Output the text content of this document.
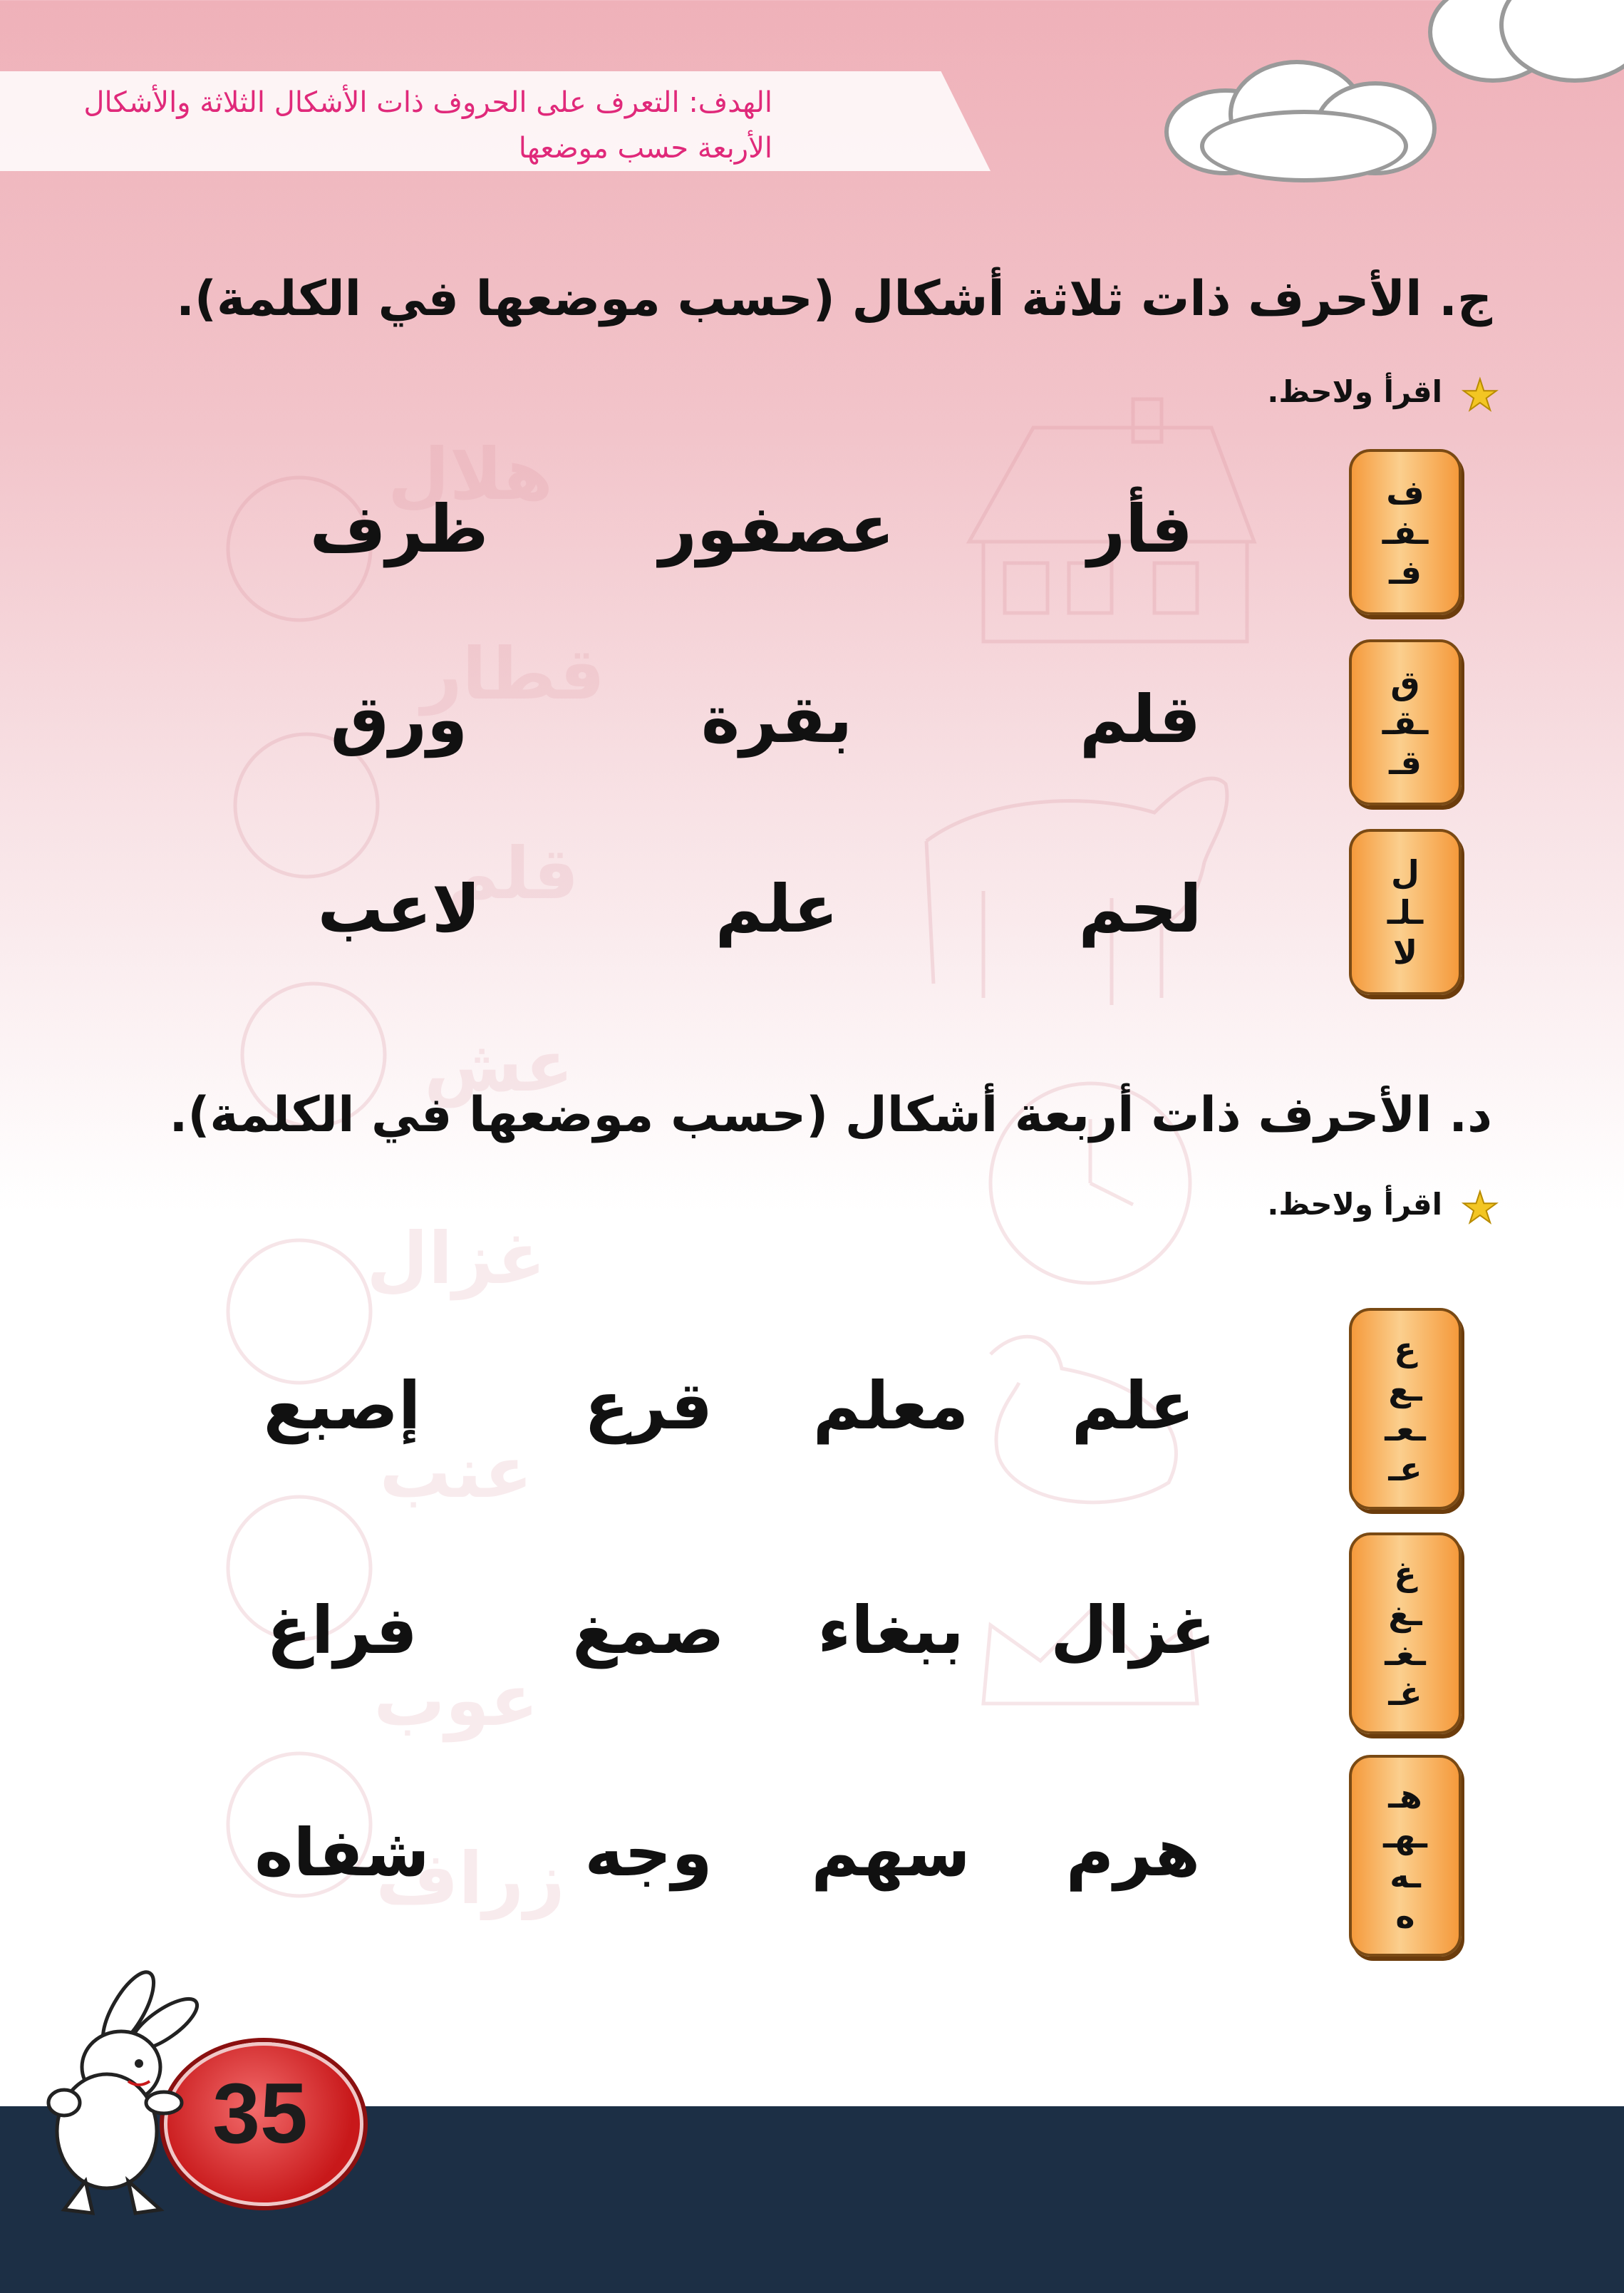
هلال
قطار
قلم
عش
غزال
عنب
عوب
زراف
الهدف: التعرف على الحروف ذات الأشكال الثلاثة والأشكال
الأربعة حسب موضعها
ج. الأحرف ذات ثلاثة أشكال (حسب موضعها في الكلمة).
★
اقرأ ولاحظ.
ف
ـفـ
فـ
فأر
عصفور
ظرف
ق
ـقـ
قـ
قلم
بقرة
ورق
ل
ـلـ
لا
لحم
علم
لاعب
د. الأحرف ذات أربعة أشكال (حسب موضعها في الكلمة).
★
اقرأ ولاحظ.
ع
ـع
ـعـ
عـ
علم
معلم
قرع
إصبع
غ
ـغ
ـغـ
غـ
غزال
ببغاء
صمغ
فراغ
هـ
ـهـ
ـه
ه
هرم
سهم
وجه
شفاه
35
